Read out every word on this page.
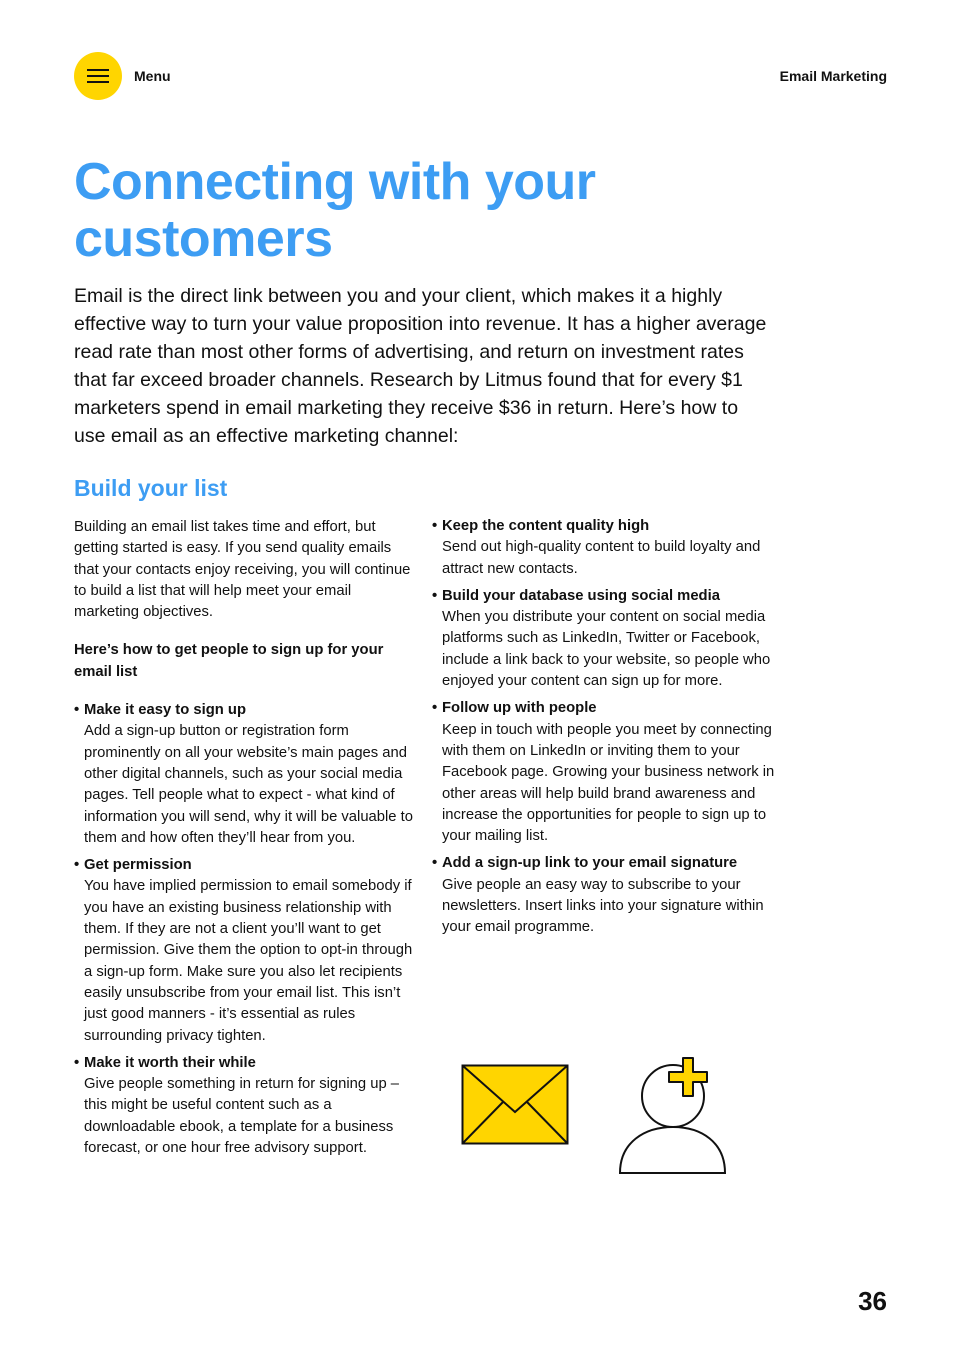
Menu	Email Marketing
Connecting with your customers

Email is the direct link between you and your client, which makes it a highly effective way to turn your value proposition into revenue. It has a higher average read rate than most other forms of advertising, and return on investment rates that far exceed broader channels. Research by Litmus found that for every $1 marketers spend in email marketing they receive $36 in return. Here’s how to use email as an effective marketing channel:

Build your list

Building an email list takes time and effort, but getting started is easy. If you send quality emails that your contacts enjoy receiving, you will continue to build a list that will help meet your email marketing objectives.

Here’s how to get people to sign up for your email list

• Make it easy to sign up
Add a sign-up button or registration form prominently on all your website’s main pages and other digital channels, such as your social media pages. Tell people what to expect - what kind of information you will send, why it will be valuable to them and how often they’ll hear from you.
• Get permission
You have implied permission to email somebody if you have an existing business relationship with them. If they are not a client you’ll want to get permission. Give them the option to opt-in through a sign-up form. Make sure you also let recipients easily unsubscribe from your email list. This isn’t just good manners - it’s essential as rules surrounding privacy tighten.
• Make it worth their while
Give people something in return for signing up – this might be useful content such as a downloadable ebook, a template for a business forecast, or one hour free advisory support.
• Keep the content quality high
Send out high-quality content to build loyalty and attract new contacts.
• Build your database using social media
When you distribute your content on social media platforms such as LinkedIn, Twitter or Facebook, include a link back to your website, so people who enjoyed your content can sign up for more.
• Follow up with people
Keep in touch with people you meet by connecting with them on LinkedIn or inviting them to your Facebook page. Growing your business network in other areas will help build brand awareness and increase the opportunities for people to sign up to your mailing list.
• Add a sign-up link to your email signature
Give people an easy way to subscribe to your newsletters. Insert links into your signature within your email programme.
36
